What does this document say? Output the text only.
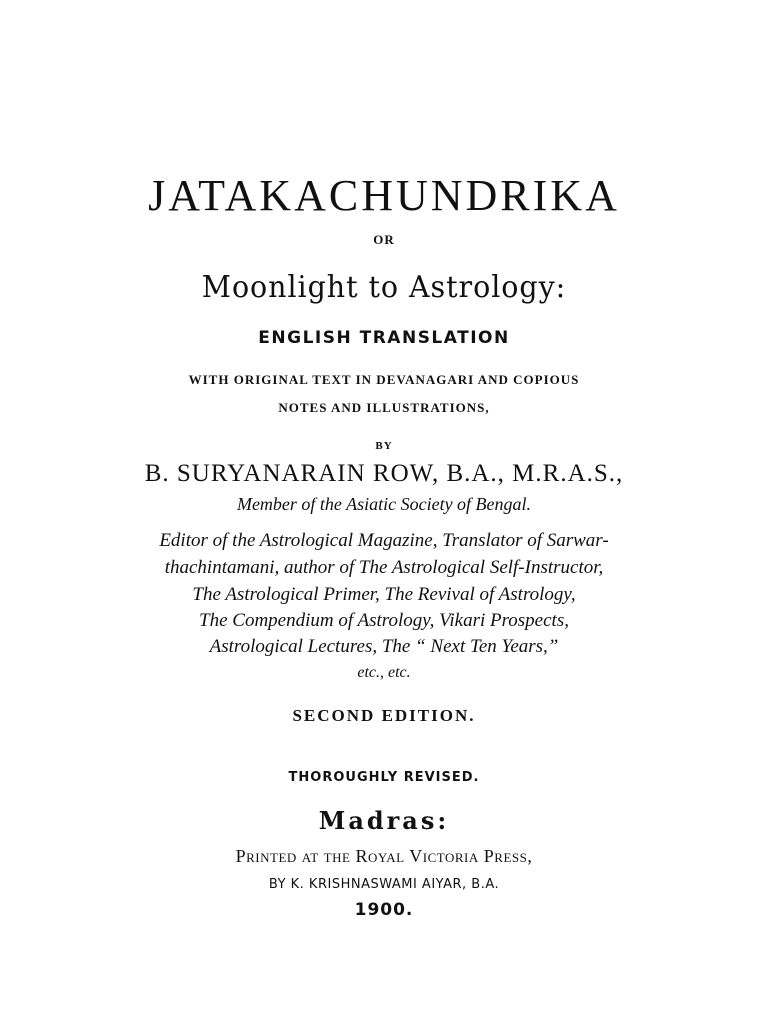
JATAKACHUNDRIKA
OR
Moonlight to Astrology:
ENGLISH TRANSLATION
WITH ORIGINAL TEXT IN DEVANAGARI AND COPIOUS
NOTES AND ILLUSTRATIONS,
BY
B. SURYANARAIN ROW, B.A., M.R.A.S.,
Member of the Asiatic Society of Bengal.
Editor of the Astrological Magazine, Translator of Sarwar-
thachintamani, author of The Astrological Self-Instructor,
The Astrological Primer, The Revival of Astrology,
The Compendium of Astrology, Vikari Prospects,
Astrological Lectures, The “ Next Ten Years,”
etc., etc.
SECOND EDITION.
THOROUGHLY REVISED.
Madras:
Printed at the Royal Victoria Press,
BY K. KRISHNASWAMI AIYAR, B.A.
1900.
